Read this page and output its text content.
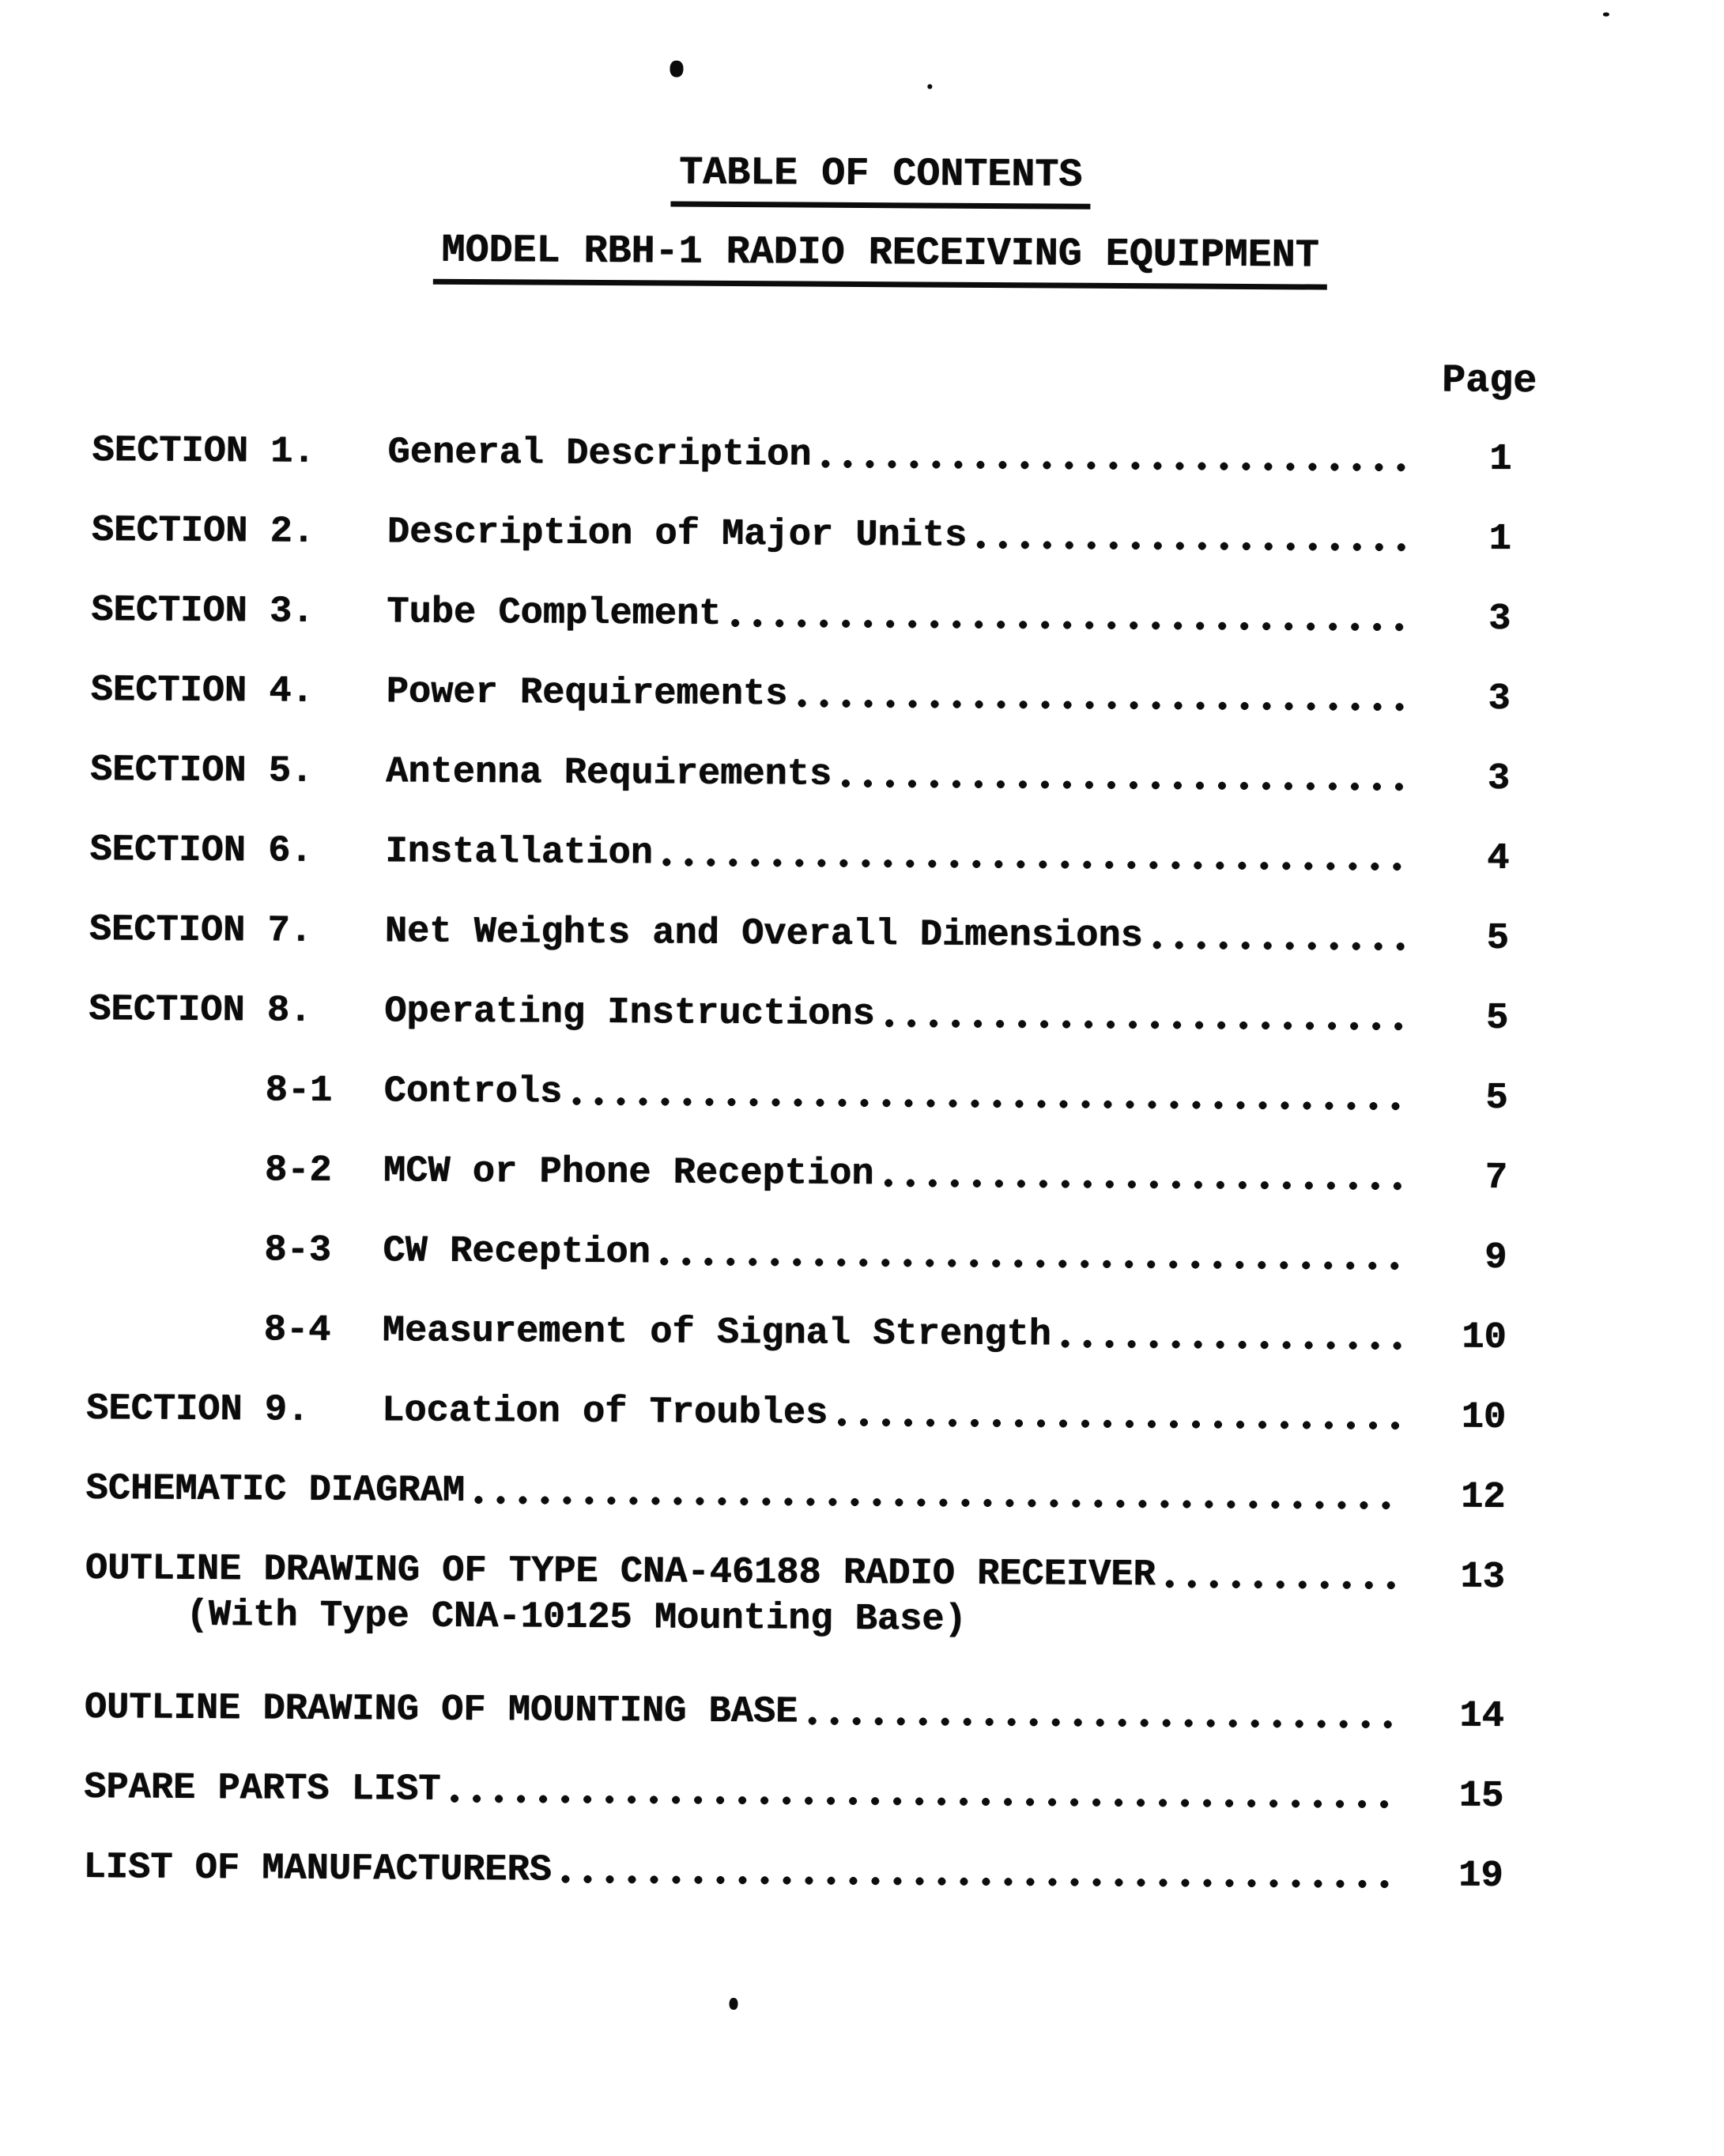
TABLE OF CONTENTS
MODEL RBH-1 RADIO RECEIVING EQUIPMENT
Page
SECTION 1.	General Description	1
SECTION 2.	Description of Major Units	1
SECTION 3.	Tube Complement	3
SECTION 4.	Power Requirements	3
SECTION 5.	Antenna Requirements	3
SECTION 6.	Installation	4
SECTION 7.	Net Weights and Overall Dimensions	5
SECTION 8.	Operating Instructions	5
8-1	Controls	5
8-2	MCW or Phone Reception	7
8-3	CW Reception	9
8-4	Measurement of Signal Strength	10
SECTION 9.	Location of Troubles	10
SCHEMATIC DIAGRAM	12
OUTLINE DRAWING OF TYPE CNA-46188 RADIO RECEIVER	13
(With Type CNA-10125 Mounting Base)
OUTLINE DRAWING OF MOUNTING BASE	14
SPARE PARTS LIST	15
LIST OF MANUFACTURERS	19
